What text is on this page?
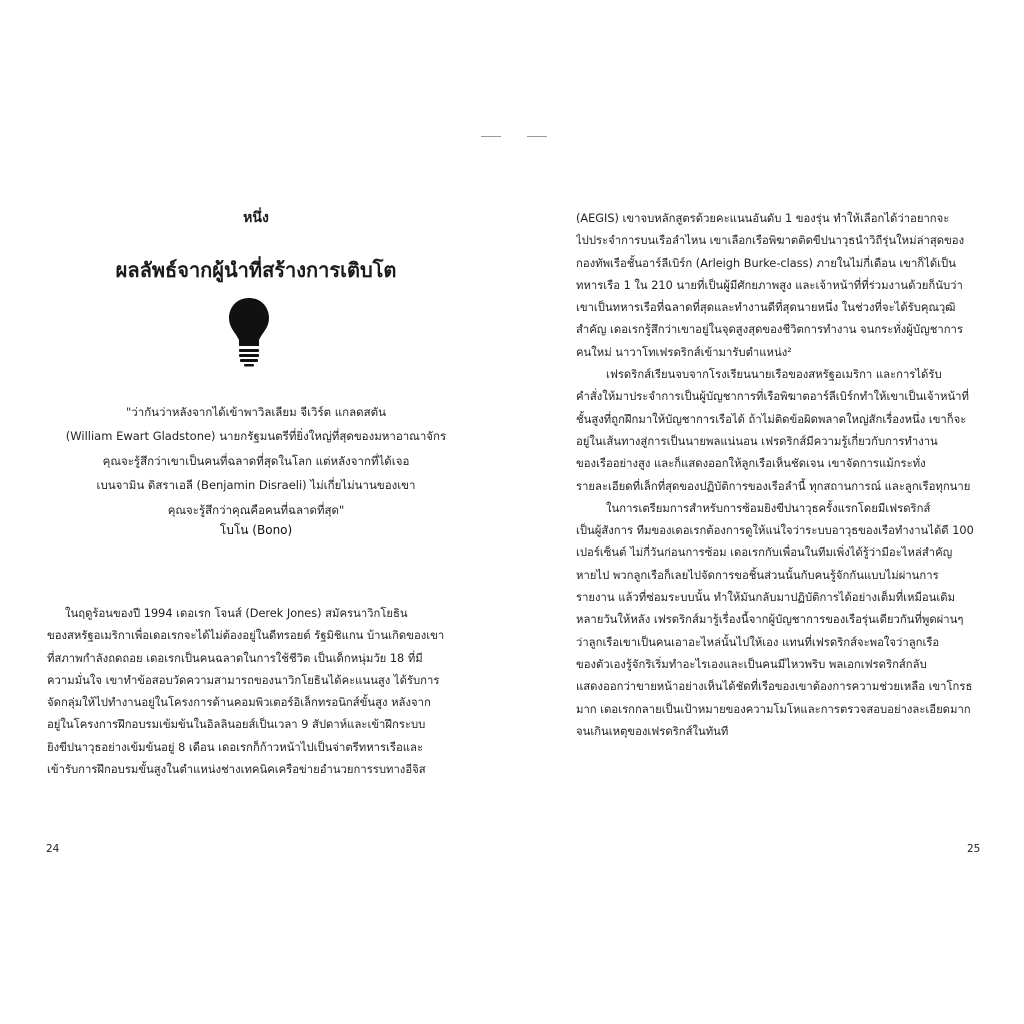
หนึ่ง
ผลลัพธ์จากผู้นำที่สร้างการเติบโต
"ว่ากันว่าหลังจากได้เข้าพาวิลเลียม จีเวิร์ต แกลดสตัน
(William Ewart Gladstone) นายกรัฐมนตรีที่ยิ่งใหญ่ที่สุดของมหาอาณาจักร
คุณจะรู้สึกว่าเขาเป็นคนที่ฉลาดที่สุดในโลก แต่หลังจากที่ได้เจอ
เบนจามิน ดิสราเอลี (Benjamin Disraeli) ไม่เกี่ยไม่นานของเขา
คุณจะรู้สึกว่าคุณคือคนที่ฉลาดที่สุด"
โบโน (Bono)
ในฤดูร้อนของปี 1994 เดอเรก โจนส์ (Derek Jones) สมัครนาวิกโยธิน
ของสหรัฐอเมริกาเพื่อเดอเรกจะได้ไม่ต้องอยู่ในดีทรอยต์ รัฐมิชิแกน บ้านเกิดของเขา
ที่สภาพกำลังถดถอย เดอเรกเป็นคนฉลาดในการใช้ชีวิต เป็นเด็กหนุ่มวัย 18 ที่มี
ความมั่นใจ เขาทำข้อสอบวัดความสามารถของนาวิกโยธินได้คะแนนสูง ได้รับการ
จัดกลุ่มให้ไปทำงานอยู่ในโครงการด้านคอมพิวเตอร์อิเล็กทรอนิกส์ขั้นสูง หลังจาก
อยู่ในโครงการฝึกอบรมเข้มข้นในอิลลินอยส์เป็นเวลา 9 สัปดาห์และเข้าฝึกระบบ
ยิงขีปนาวุธอย่างเข้มข้นอยู่ 8 เดือน เดอเรกก็ก้าวหน้าไปเป็นจ่าตรีทหารเรือและ
เข้ารับการฝึกอบรมขั้นสูงในตำแหน่งช่างเทคนิคเครือข่ายอำนวยการรบทางอีจิส
24
(AEGIS) เขาจบหลักสูตรด้วยคะแนนอันดับ 1 ของรุ่น ทำให้เลือกได้ว่าอยากจะ
ไปประจำการบนเรือลำไหน เขาเลือกเรือพิฆาตติดขีปนาวุธนำวิถีรุ่นใหม่ล่าสุดของ
กองทัพเรือชั้นอาร์ลีเบิร์ก (Arleigh Burke-class) ภายในไม่กี่เดือน เขาก็ได้เป็น
ทหารเรือ 1 ใน 210 นายที่เป็นผู้มีศักยภาพสูง และเจ้าหน้าที่ที่ร่วมงานด้วยก็นับว่า
เขาเป็นทหารเรือที่ฉลาดที่สุดและทำงานดีที่สุดนายหนึ่ง ในช่วงที่จะได้รับคุณวุฒิ
สำคัญ เดอเรกรู้สึกว่าเขาอยู่ในจุดสูงสุดของชีวิตการทำงาน จนกระทั่งผู้บัญชาการ
คนใหม่ นาวาโทเฟรดริกส์เข้ามารับตำแหน่ง²
เฟรดริกส์เรียนจบจากโรงเรียนนายเรือของสหรัฐอเมริกา และการได้รับ
คำสั่งให้มาประจำการเป็นผู้บัญชาการที่เรือพิฆาตอาร์ลีเบิร์กทำให้เขาเป็นเจ้าหน้าที่
ชั้นสูงที่ถูกฝึกมาให้บัญชาการเรือได้ ถ้าไม่ติดข้อผิดพลาดใหญ่สักเรื่องหนึ่ง เขาก็จะ
อยู่ในเส้นทางสู่การเป็นนายพลแน่นอน เฟรดริกส์มีความรู้เกี่ยวกับการทำงาน
ของเรืออย่างสูง และก็แสดงออกให้ลูกเรือเห็นชัดเจน เขาจัดการแม้กระทั่ง
รายละเอียดที่เล็กที่สุดของปฏิบัติการของเรือลำนี้ ทุกสถานการณ์ และลูกเรือทุกนาย
ในการเตรียมการสำหรับการซ้อมยิงขีปนาวุธครั้งแรกโดยมีเฟรดริกส์
เป็นผู้สังการ ทีมของเดอเรกต้องการดูให้แน่ใจว่าระบบอาวุธของเรือทำงานได้ดี 100
เปอร์เซ็นต์ ไม่กี่วันก่อนการซ้อม เดอเรกกับเพื่อนในทีมเพิ่งได้รู้ว่ามีอะไหล่สำคัญ
หายไป พวกลูกเรือก็เลยไปจัดการขอชิ้นส่วนนั้นกับคนรู้จักกันแบบไม่ผ่านการ
รายงาน แล้วที่ซ่อมระบบนั้น ทำให้มันกลับมาปฏิบัติการได้อย่างเต็มที่เหมือนเดิม
หลายวันให้หลัง เฟรดริกส์มารู้เรื่องนี้จากผู้บัญชาการของเรือรุ่นเดียวกันที่พูดผ่านๆ
ว่าลูกเรือเขาเป็นคนเอาอะไหล่นั้นไปให้เอง แทนที่เฟรดริกส์จะพอใจว่าลูกเรือ
ของตัวเองรู้จักริเริ่มทำอะไรเองและเป็นคนมีไหวพริบ พลเอกเฟรดริกส์กลับ
แสดงออกว่าขายหน้าอย่างเห็นได้ชัดที่เรือของเขาต้องการความช่วยเหลือ เขาโกรธ
มาก เดอเรกกลายเป็นเป้าหมายของความโมโหและการตรวจสอบอย่างละเอียดมาก
จนเกินเหตุของเฟรดริกส์ในทันที
25
